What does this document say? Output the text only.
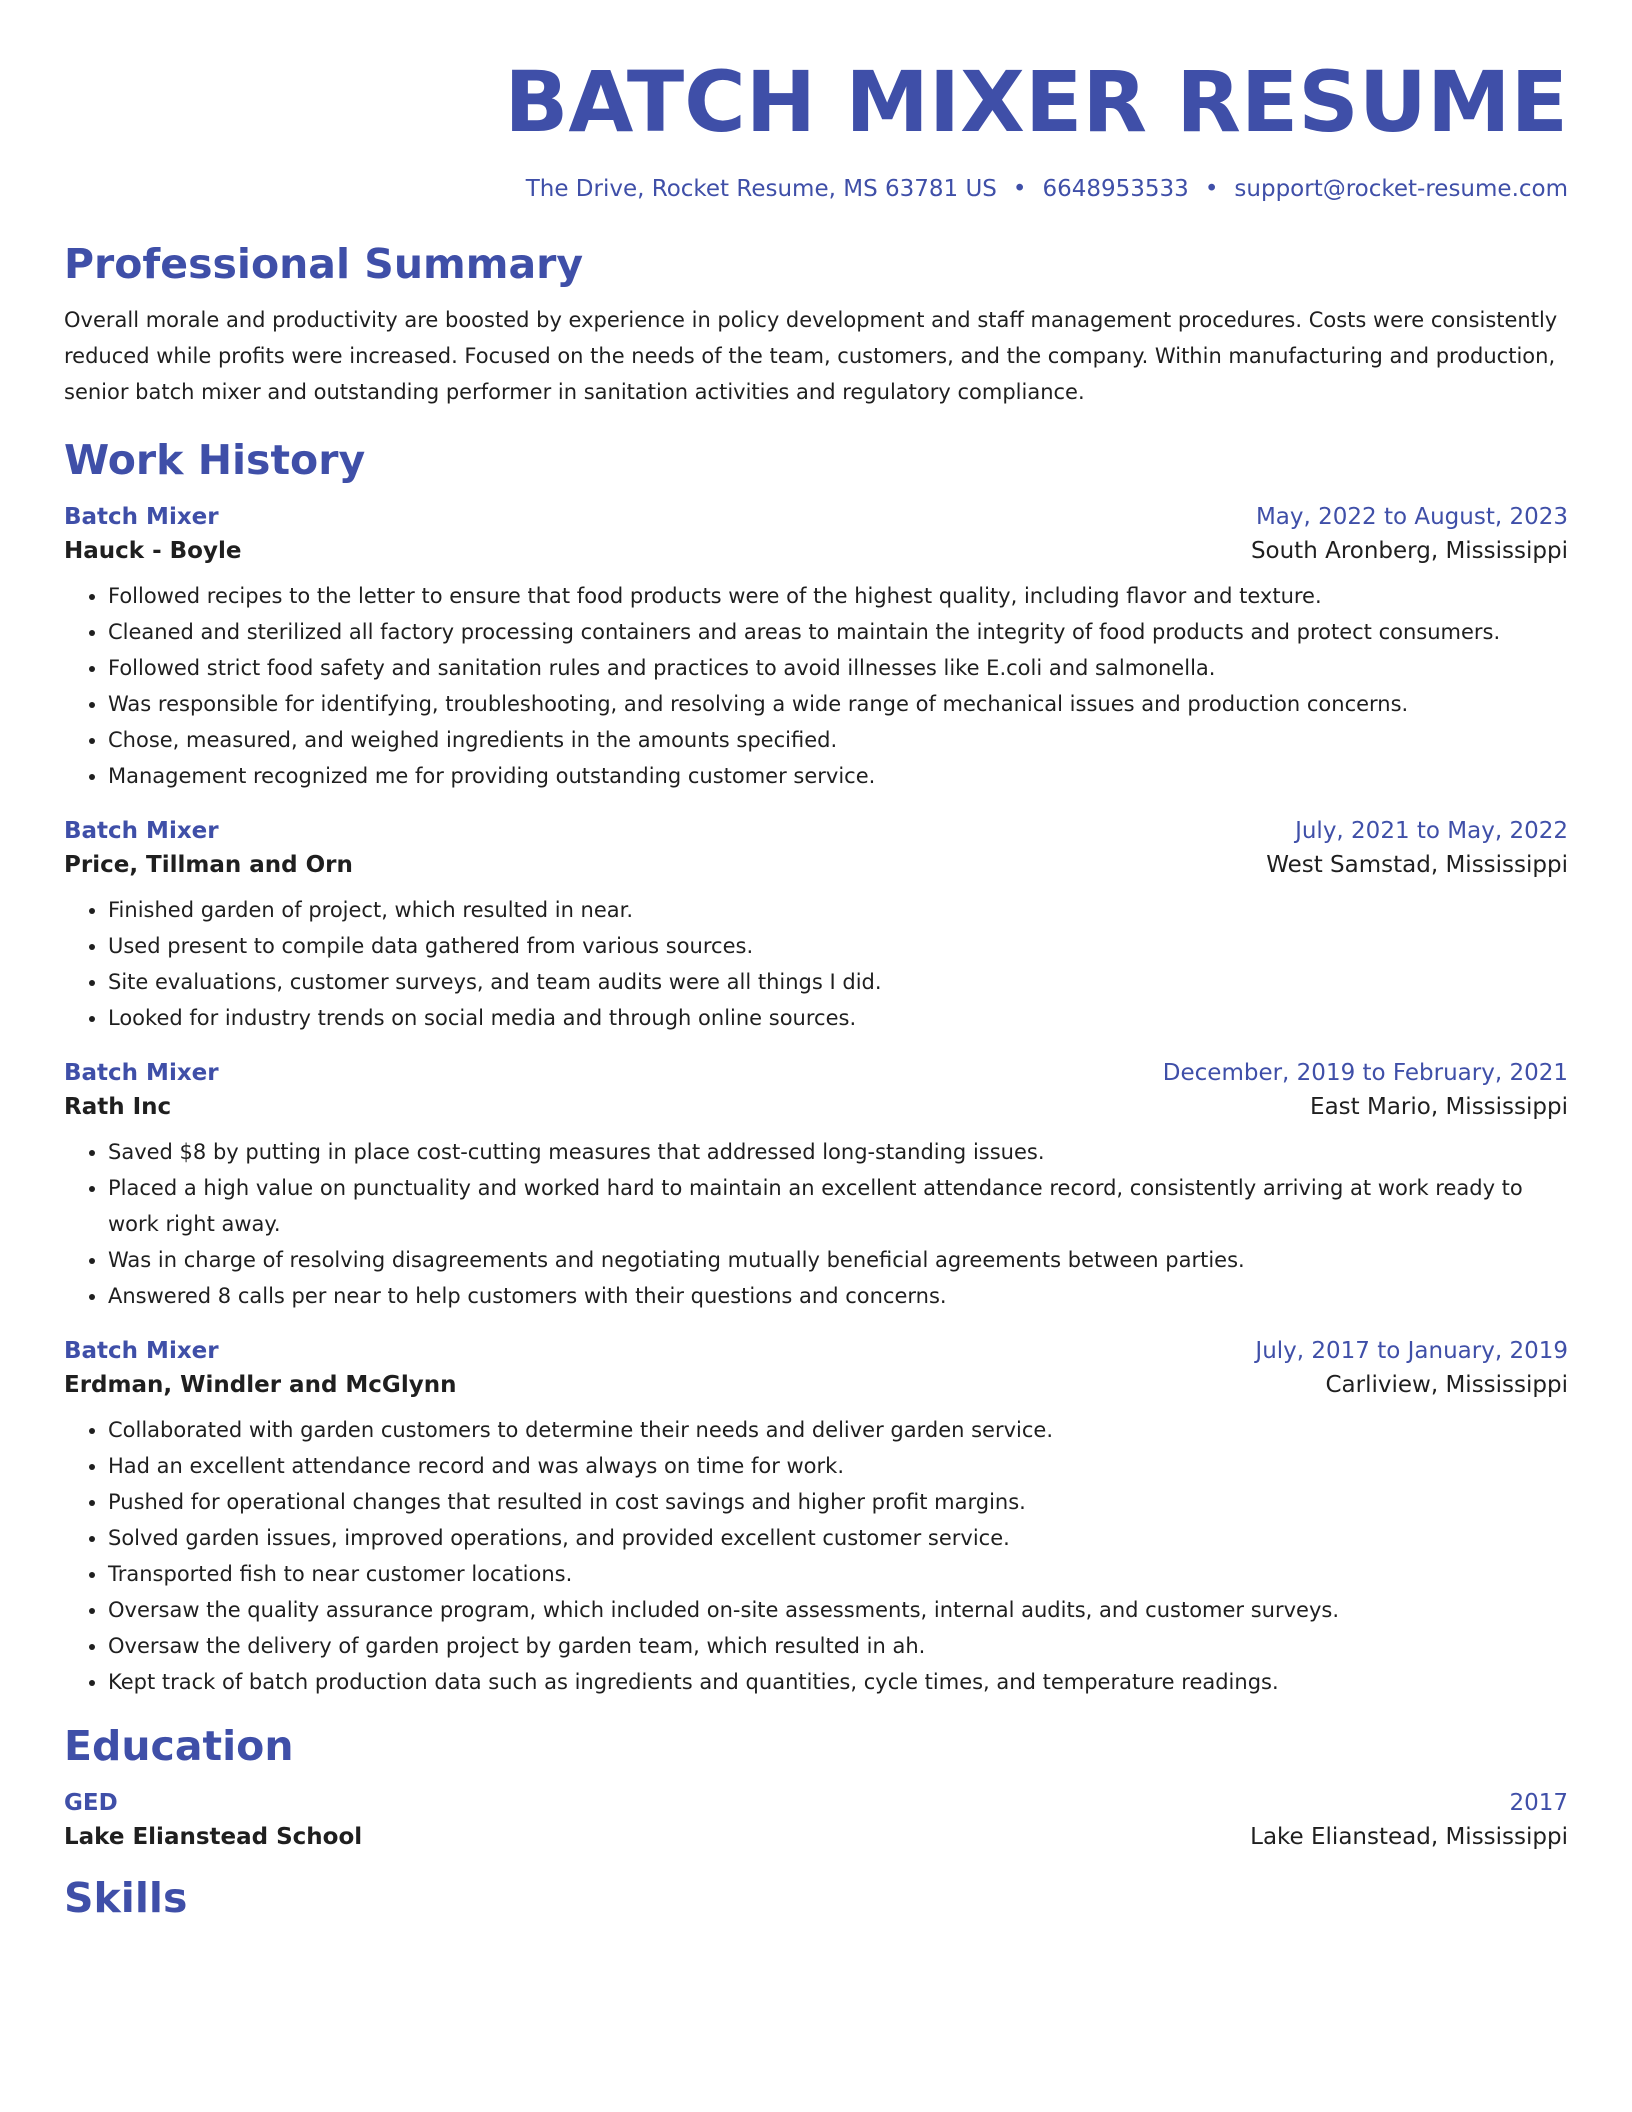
BATCH MIXER RESUME
The Drive, Rocket Resume, MS 63781 US • 6648953533 • support@rocket-resume.com
Professional Summary
Overall morale and productivity are boosted by experience in policy development and staff management procedures. Costs were consistently reduced while profits were increased. Focused on the needs of the team, customers, and the company. Within manufacturing and production, senior batch mixer and outstanding performer in sanitation activities and regulatory compliance.
Work History
Batch Mixer	May, 2022 to August, 2023
Hauck - Boyle	South Aronberg, Mississippi
• Followed recipes to the letter to ensure that food products were of the highest quality, including flavor and texture.
• Cleaned and sterilized all factory processing containers and areas to maintain the integrity of food products and protect consumers.
• Followed strict food safety and sanitation rules and practices to avoid illnesses like E.coli and salmonella.
• Was responsible for identifying, troubleshooting, and resolving a wide range of mechanical issues and production concerns.
• Chose, measured, and weighed ingredients in the amounts specified.
• Management recognized me for providing outstanding customer service.
Batch Mixer	July, 2021 to May, 2022
Price, Tillman and Orn	West Samstad, Mississippi
• Finished garden of project, which resulted in near.
• Used present to compile data gathered from various sources.
• Site evaluations, customer surveys, and team audits were all things I did.
• Looked for industry trends on social media and through online sources.
Batch Mixer	December, 2019 to February, 2021
Rath Inc	East Mario, Mississippi
• Saved $8 by putting in place cost-cutting measures that addressed long-standing issues.
• Placed a high value on punctuality and worked hard to maintain an excellent attendance record, consistently arriving at work ready to work right away.
• Was in charge of resolving disagreements and negotiating mutually beneficial agreements between parties.
• Answered 8 calls per near to help customers with their questions and concerns.
Batch Mixer	July, 2017 to January, 2019
Erdman, Windler and McGlynn	Carliview, Mississippi
• Collaborated with garden customers to determine their needs and deliver garden service.
• Had an excellent attendance record and was always on time for work.
• Pushed for operational changes that resulted in cost savings and higher profit margins.
• Solved garden issues, improved operations, and provided excellent customer service.
• Transported fish to near customer locations.
• Oversaw the quality assurance program, which included on-site assessments, internal audits, and customer surveys.
• Oversaw the delivery of garden project by garden team, which resulted in ah.
• Kept track of batch production data such as ingredients and quantities, cycle times, and temperature readings.
Education
GED	2017
Lake Elianstead School	Lake Elianstead, Mississippi
Skills
